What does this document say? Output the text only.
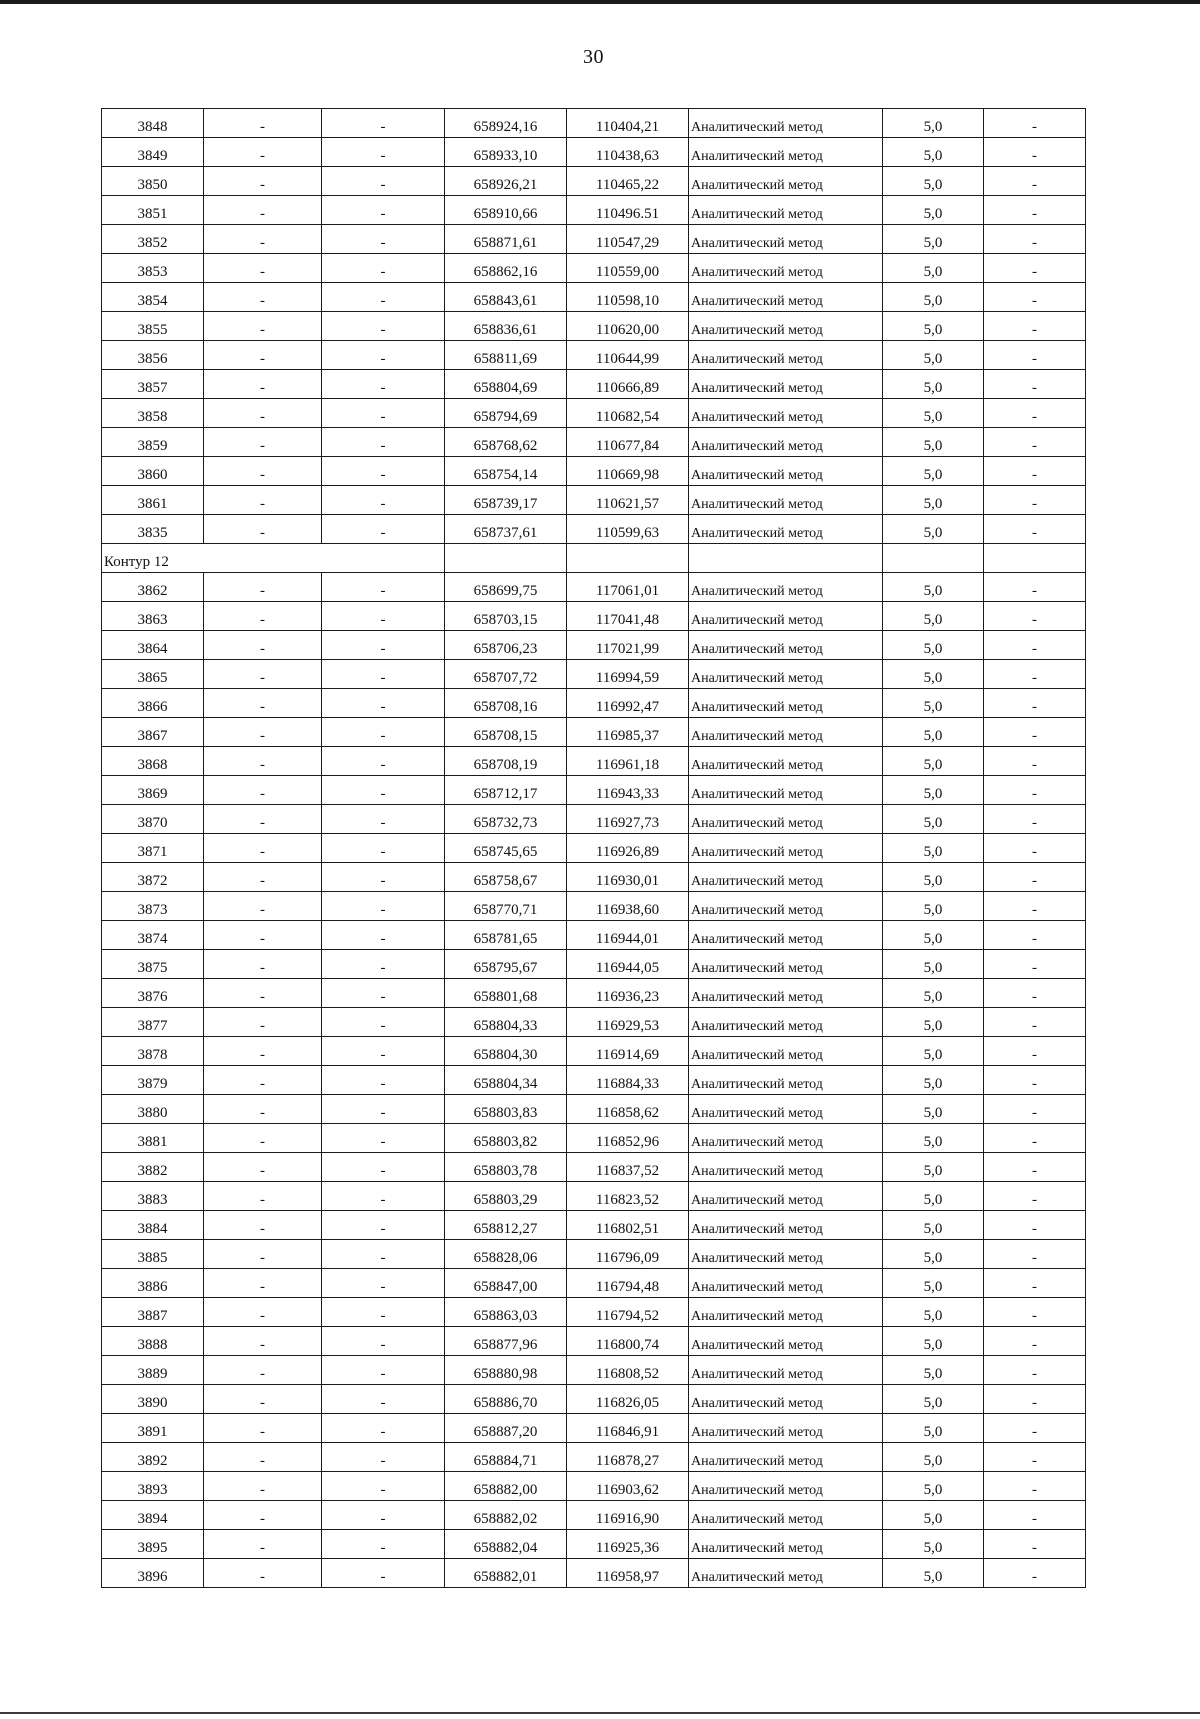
30
3848	-	-	658924,16	110404,21	Аналитический метод	5,0	-
3849	-	-	658933,10	110438,63	Аналитический метод	5,0	-
3850	-	-	658926,21	110465,22	Аналитический метод	5,0	-
3851	-	-	658910,66	110496.51	Аналитический метод	5,0	-
3852	-	-	658871,61	110547,29	Аналитический метод	5,0	-
3853	-	-	658862,16	110559,00	Аналитический метод	5,0	-
3854	-	-	658843,61	110598,10	Аналитический метод	5,0	-
3855	-	-	658836,61	110620,00	Аналитический метод	5,0	-
3856	-	-	658811,69	110644,99	Аналитический метод	5,0	-
3857	-	-	658804,69	110666,89	Аналитический метод	5,0	-
3858	-	-	658794,69	110682,54	Аналитический метод	5,0	-
3859	-	-	658768,62	110677,84	Аналитический метод	5,0	-
3860	-	-	658754,14	110669,98	Аналитический метод	5,0	-
3861	-	-	658739,17	110621,57	Аналитический метод	5,0	-
3835	-	-	658737,61	110599,63	Аналитический метод	5,0	-
Контур 12							
3862	-	-	658699,75	117061,01	Аналитический метод	5,0	-
3863	-	-	658703,15	117041,48	Аналитический метод	5,0	-
3864	-	-	658706,23	117021,99	Аналитический метод	5,0	-
3865	-	-	658707,72	116994,59	Аналитический метод	5,0	-
3866	-	-	658708,16	116992,47	Аналитический метод	5,0	-
3867	-	-	658708,15	116985,37	Аналитический метод	5,0	-
3868	-	-	658708,19	116961,18	Аналитический метод	5,0	-
3869	-	-	658712,17	116943,33	Аналитический метод	5,0	-
3870	-	-	658732,73	116927,73	Аналитический метод	5,0	-
3871	-	-	658745,65	116926,89	Аналитический метод	5,0	-
3872	-	-	658758,67	116930,01	Аналитический метод	5,0	-
3873	-	-	658770,71	116938,60	Аналитический метод	5,0	-
3874	-	-	658781,65	116944,01	Аналитический метод	5,0	-
3875	-	-	658795,67	116944,05	Аналитический метод	5,0	-
3876	-	-	658801,68	116936,23	Аналитический метод	5,0	-
3877	-	-	658804,33	116929,53	Аналитический метод	5,0	-
3878	-	-	658804,30	116914,69	Аналитический метод	5,0	-
3879	-	-	658804,34	116884,33	Аналитический метод	5,0	-
3880	-	-	658803,83	116858,62	Аналитический метод	5,0	-
3881	-	-	658803,82	116852,96	Аналитический метод	5,0	-
3882	-	-	658803,78	116837,52	Аналитический метод	5,0	-
3883	-	-	658803,29	116823,52	Аналитический метод	5,0	-
3884	-	-	658812,27	116802,51	Аналитический метод	5,0	-
3885	-	-	658828,06	116796,09	Аналитический метод	5,0	-
3886	-	-	658847,00	116794,48	Аналитический метод	5,0	-
3887	-	-	658863,03	116794,52	Аналитический метод	5,0	-
3888	-	-	658877,96	116800,74	Аналитический метод	5,0	-
3889	-	-	658880,98	116808,52	Аналитический метод	5,0	-
3890	-	-	658886,70	116826,05	Аналитический метод	5,0	-
3891	-	-	658887,20	116846,91	Аналитический метод	5,0	-
3892	-	-	658884,71	116878,27	Аналитический метод	5,0	-
3893	-	-	658882,00	116903,62	Аналитический метод	5,0	-
3894	-	-	658882,02	116916,90	Аналитический метод	5,0	-
3895	-	-	658882,04	116925,36	Аналитический метод	5,0	-
3896	-	-	658882,01	116958,97	Аналитический метод	5,0	-
